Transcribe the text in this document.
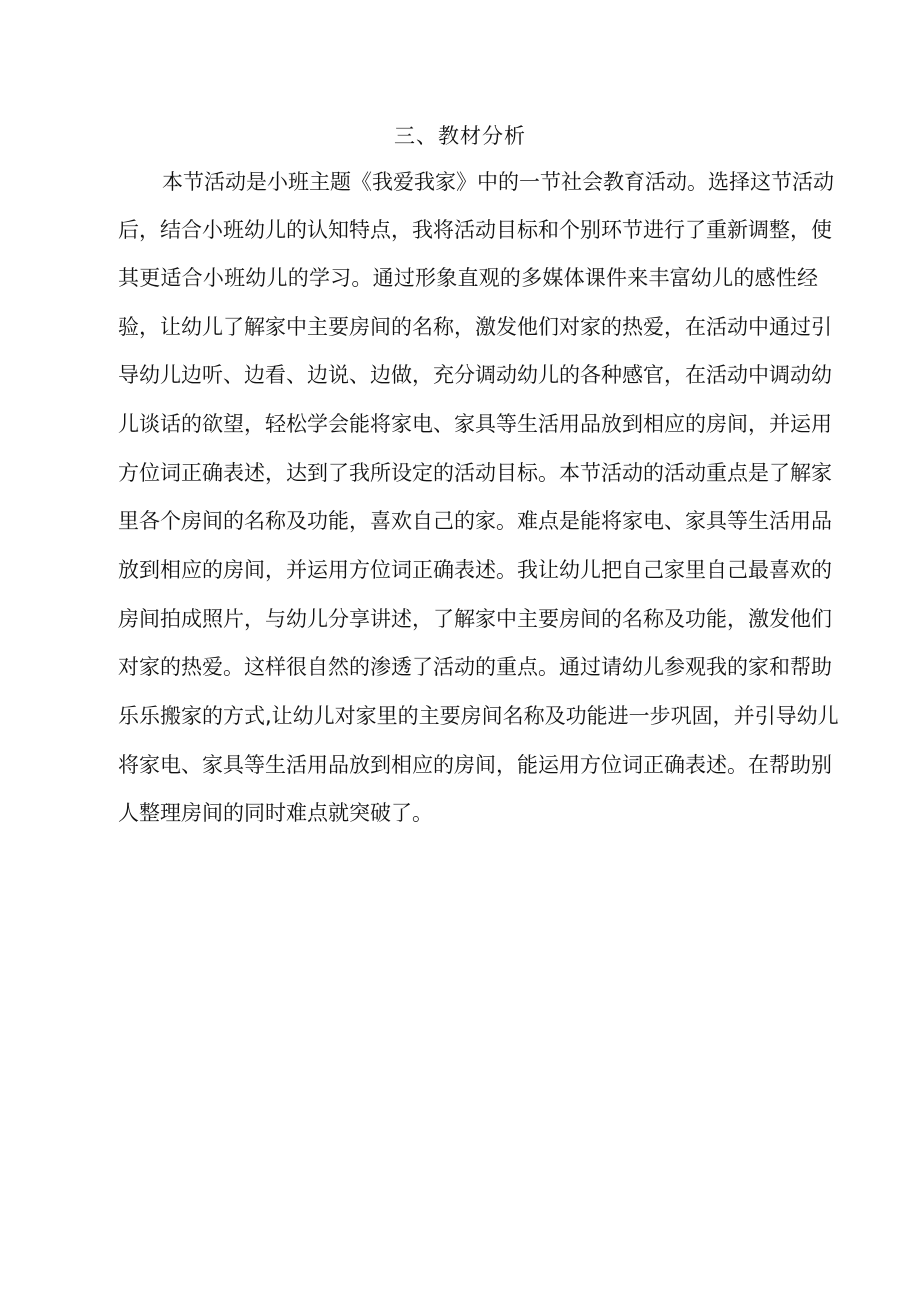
三、教材分析
本节活动是小班主题《我爱我家》中的一节社会教育活动。选择这节活动
后，结合小班幼儿的认知特点，我将活动目标和个别环节进行了重新调整，使
其更适合小班幼儿的学习。通过形象直观的多媒体课件来丰富幼儿的感性经
验，让幼儿了解家中主要房间的名称，激发他们对家的热爱，在活动中通过引
导幼儿边听、边看、边说、边做，充分调动幼儿的各种感官，在活动中调动幼
儿谈话的欲望，轻松学会能将家电、家具等生活用品放到相应的房间，并运用
方位词正确表述，达到了我所设定的活动目标。本节活动的活动重点是了解家
里各个房间的名称及功能，喜欢自己的家。难点是能将家电、家具等生活用品
放到相应的房间，并运用方位词正确表述。我让幼儿把自己家里自己最喜欢的
房间拍成照片，与幼儿分享讲述，了解家中主要房间的名称及功能，激发他们
对家的热爱。这样很自然的渗透了活动的重点。通过请幼儿参观我的家和帮助
乐乐搬家的方式,让幼儿对家里的主要房间名称及功能进一步巩固，并引导幼儿
将家电、家具等生活用品放到相应的房间，能运用方位词正确表述。在帮助别
人整理房间的同时难点就突破了。
